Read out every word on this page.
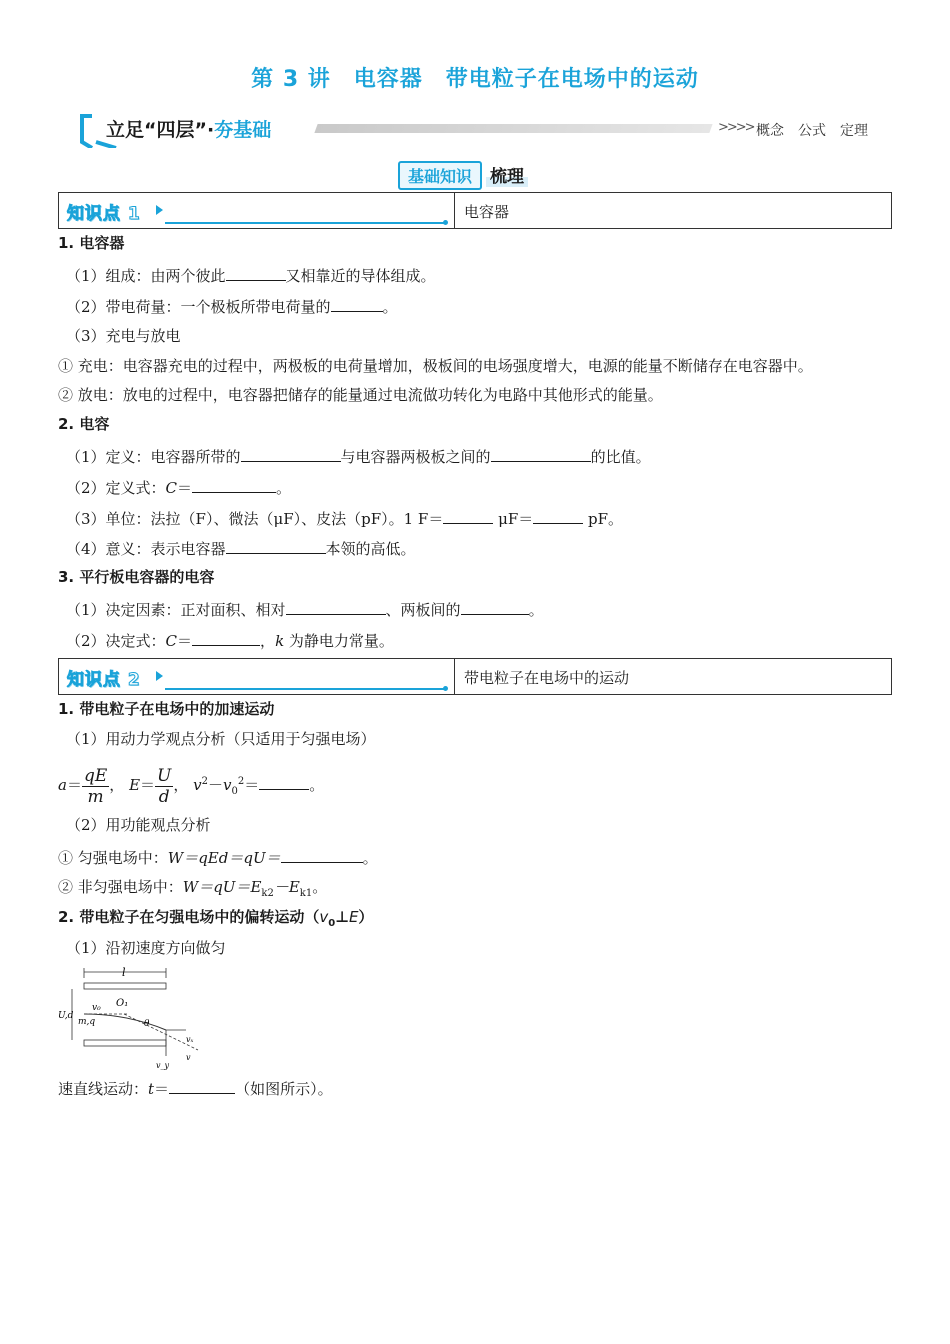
第 3 讲　电容器　带电粒子在电场中的运动
立足“四层”·夯基础	>>>> 概念 公式 定理
基础知识 梳理
知识点 1	电容器
1. 电容器
（1）组成：由两个彼此	又相靠近的导体组成。
（2）带电荷量：一个极板所带电荷量的	。
（3）充电与放电
① 充电：电容器充电的过程中，两极板的电荷量增加，极板间的电场强度增大，电源的能量不断储存在电容器中。
② 放电：放电的过程中，电容器把储存的能量通过电流做功转化为电路中其他形式的能量。
2. 电容
（1）定义：电容器所带的	与电容器两极板之间的	的比值。
（2）定义式：C＝	。
（3）单位：法拉（F）、微法（μF）、皮法（pF）。1 F＝	μF＝	pF。
（4）意义：表示电容器	本领的高低。
3. 平行板电容器的电容
（1）决定因素：正对面积、相对	、两板间的	。
（2）决定式：C＝	，k 为静电力常量。
知识点 2	带电粒子在电场中的运动
1. 带电粒子在电场中的加速运动
（1）用动力学观点分析（只适用于匀强电场）
$a= \frac{qE}{m}$ ， $E= \frac{U}{d}$ ， $v^2-v_0^2=$	。
（2）用功能观点分析
① 匀强电场中：W＝qEd＝qU＝	。
② 非匀强电场中：$W=qU=E_{k2}-E_{k1}$。
2. 带电粒子在匀强电场中的偏转运动$(v_0\perp E)$
（1）沿初速度方向做匀
l
U,d
m,q
v₀ O₁
θ
vₓ
v_y
v
速直线运动：t＝	（如图所示）。
